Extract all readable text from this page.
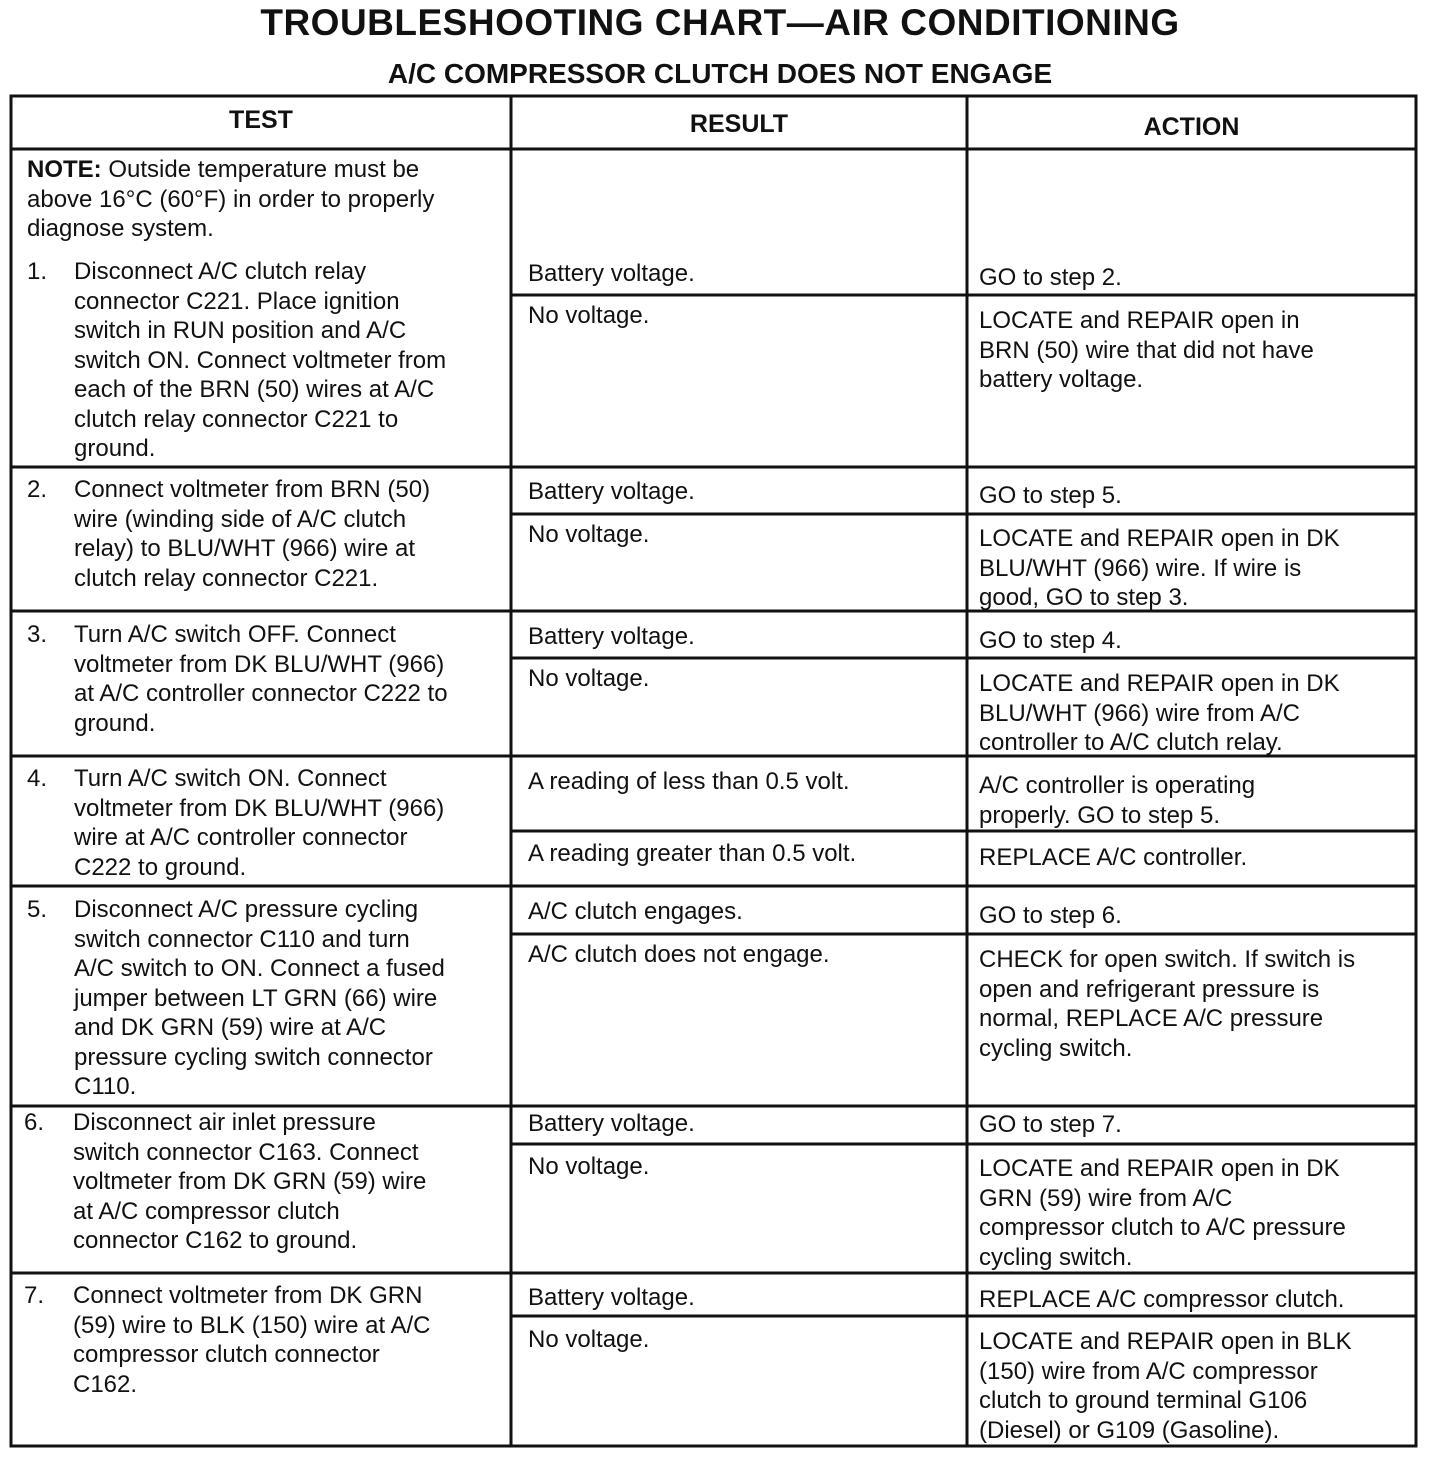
TROUBLESHOOTING CHART—AIR CONDITIONING
A/C COMPRESSOR CLUTCH DOES NOT ENGAGE
TEST	RESULT	ACTION
NOTE: Outside temperature must be
above 16°C (60°F) in order to properly
diagnose system.
1. Disconnect A/C clutch relay
connector C221. Place ignition
switch in RUN position and A/C
switch ON. Connect voltmeter from
each of the BRN (50) wires at A/C
clutch relay connector C221 to
ground.
Battery voltage.	GO to step 2.
No voltage.	LOCATE and REPAIR open in
BRN (50) wire that did not have
battery voltage.
2. Connect voltmeter from BRN (50)
wire (winding side of A/C clutch
relay) to BLU/WHT (966) wire at
clutch relay connector C221.
Battery voltage.	GO to step 5.
No voltage.	LOCATE and REPAIR open in DK
BLU/WHT (966) wire. If wire is
good, GO to step 3.
3. Turn A/C switch OFF. Connect
voltmeter from DK BLU/WHT (966)
at A/C controller connector C222 to
ground.
Battery voltage.	GO to step 4.
No voltage.	LOCATE and REPAIR open in DK
BLU/WHT (966) wire from A/C
controller to A/C clutch relay.
4. Turn A/C switch ON. Connect
voltmeter from DK BLU/WHT (966)
wire at A/C controller connector
C222 to ground.
A reading of less than 0.5 volt.	A/C controller is operating
properly. GO to step 5.
A reading greater than 0.5 volt.	REPLACE A/C controller.
5. Disconnect A/C pressure cycling
switch connector C110 and turn
A/C switch to ON. Connect a fused
jumper between LT GRN (66) wire
and DK GRN (59) wire at A/C
pressure cycling switch connector
C110.
A/C clutch engages.	GO to step 6.
A/C clutch does not engage.	CHECK for open switch. If switch is
open and refrigerant pressure is
normal, REPLACE A/C pressure
cycling switch.
6. Disconnect air inlet pressure
switch connector C163. Connect
voltmeter from DK GRN (59) wire
at A/C compressor clutch
connector C162 to ground.
Battery voltage.	GO to step 7.
No voltage.	LOCATE and REPAIR open in DK
GRN (59) wire from A/C
compressor clutch to A/C pressure
cycling switch.
7. Connect voltmeter from DK GRN
(59) wire to BLK (150) wire at A/C
compressor clutch connector
C162.
Battery voltage.	REPLACE A/C compressor clutch.
No voltage.	LOCATE and REPAIR open in BLK
(150) wire from A/C compressor
clutch to ground terminal G106
(Diesel) or G109 (Gasoline).
